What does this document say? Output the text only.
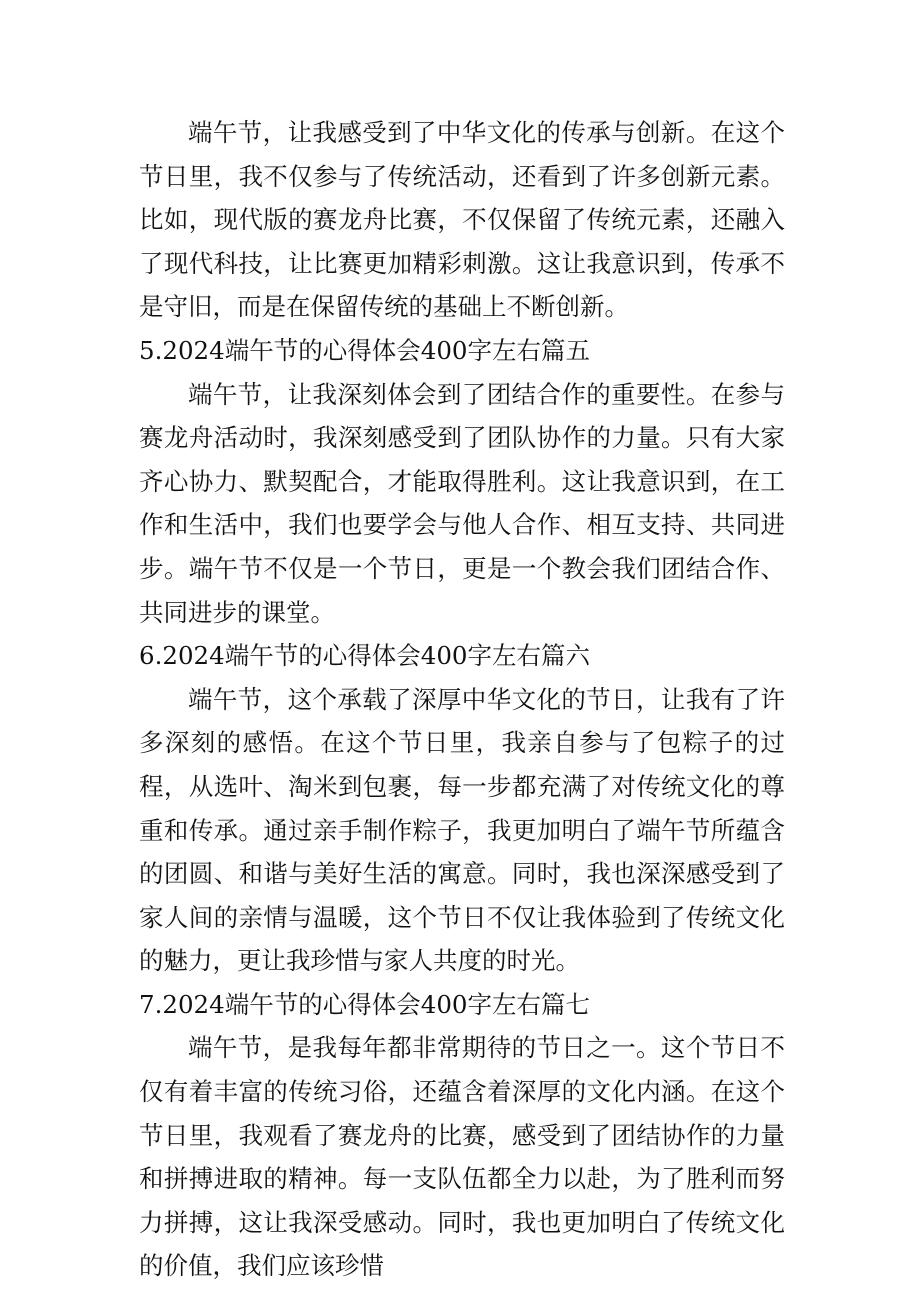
端午节，让我感受到了中华文化的传承与创新。在这个节日里，我不仅参与了传统活动，还看到了许多创新元素。比如，现代版的赛龙舟比赛，不仅保留了传统元素，还融入了现代科技，让比赛更加精彩刺激。这让我意识到，传承不是守旧，而是在保留传统的基础上不断创新。

5.2024端午节的心得体会400字左右篇五

端午节，让我深刻体会到了团结合作的重要性。在参与赛龙舟活动时，我深刻感受到了团队协作的力量。只有大家齐心协力、默契配合，才能取得胜利。这让我意识到，在工作和生活中，我们也要学会与他人合作、相互支持、共同进步。端午节不仅是一个节日，更是一个教会我们团结合作、共同进步的课堂。

6.2024端午节的心得体会400字左右篇六

端午节，这个承载了深厚中华文化的节日，让我有了许多深刻的感悟。在这个节日里，我亲自参与了包粽子的过程，从选叶、淘米到包裹，每一步都充满了对传统文化的尊重和传承。通过亲手制作粽子，我更加明白了端午节所蕴含的团圆、和谐与美好生活的寓意。同时，我也深深感受到了家人间的亲情与温暖，这个节日不仅让我体验到了传统文化的魅力，更让我珍惜与家人共度的时光。

7.2024端午节的心得体会400字左右篇七

端午节，是我每年都非常期待的节日之一。这个节日不仅有着丰富的传统习俗，还蕴含着深厚的文化内涵。在这个节日里，我观看了赛龙舟的比赛，感受到了团结协作的力量和拼搏进取的精神。每一支队伍都全力以赴，为了胜利而努力拼搏，这让我深受感动。同时，我也更加明白了传统文化的价值，我们应该珍惜
